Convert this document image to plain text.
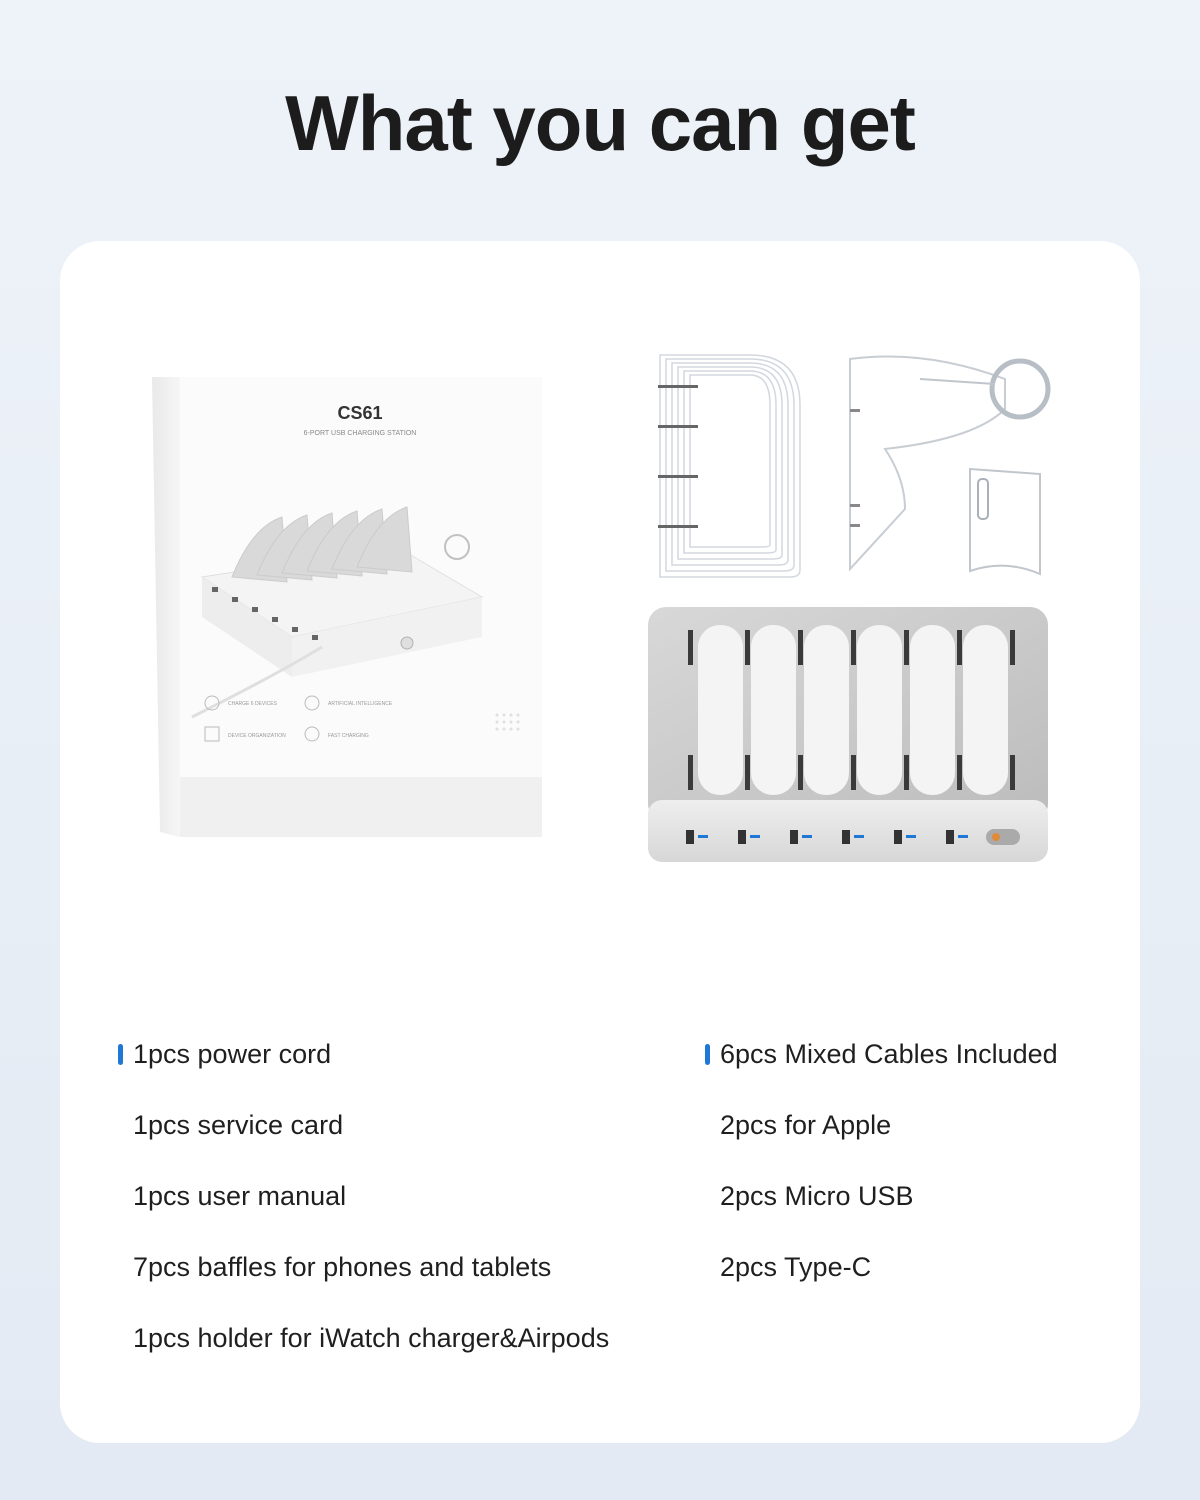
What you can get
CS61
6-PORT USB CHARGING STATION
CHARGE 6 DEVICES	ARTIFICIAL INTELLIGENCE
DEVICE ORGANIZATION	FAST CHARGING
1pcs power cord
1pcs service card
1pcs user manual
7pcs baffles for phones and tablets
1pcs holder for iWatch charger&Airpods
6pcs Mixed Cables Included
2pcs for Apple
2pcs Micro USB
2pcs Type-C
